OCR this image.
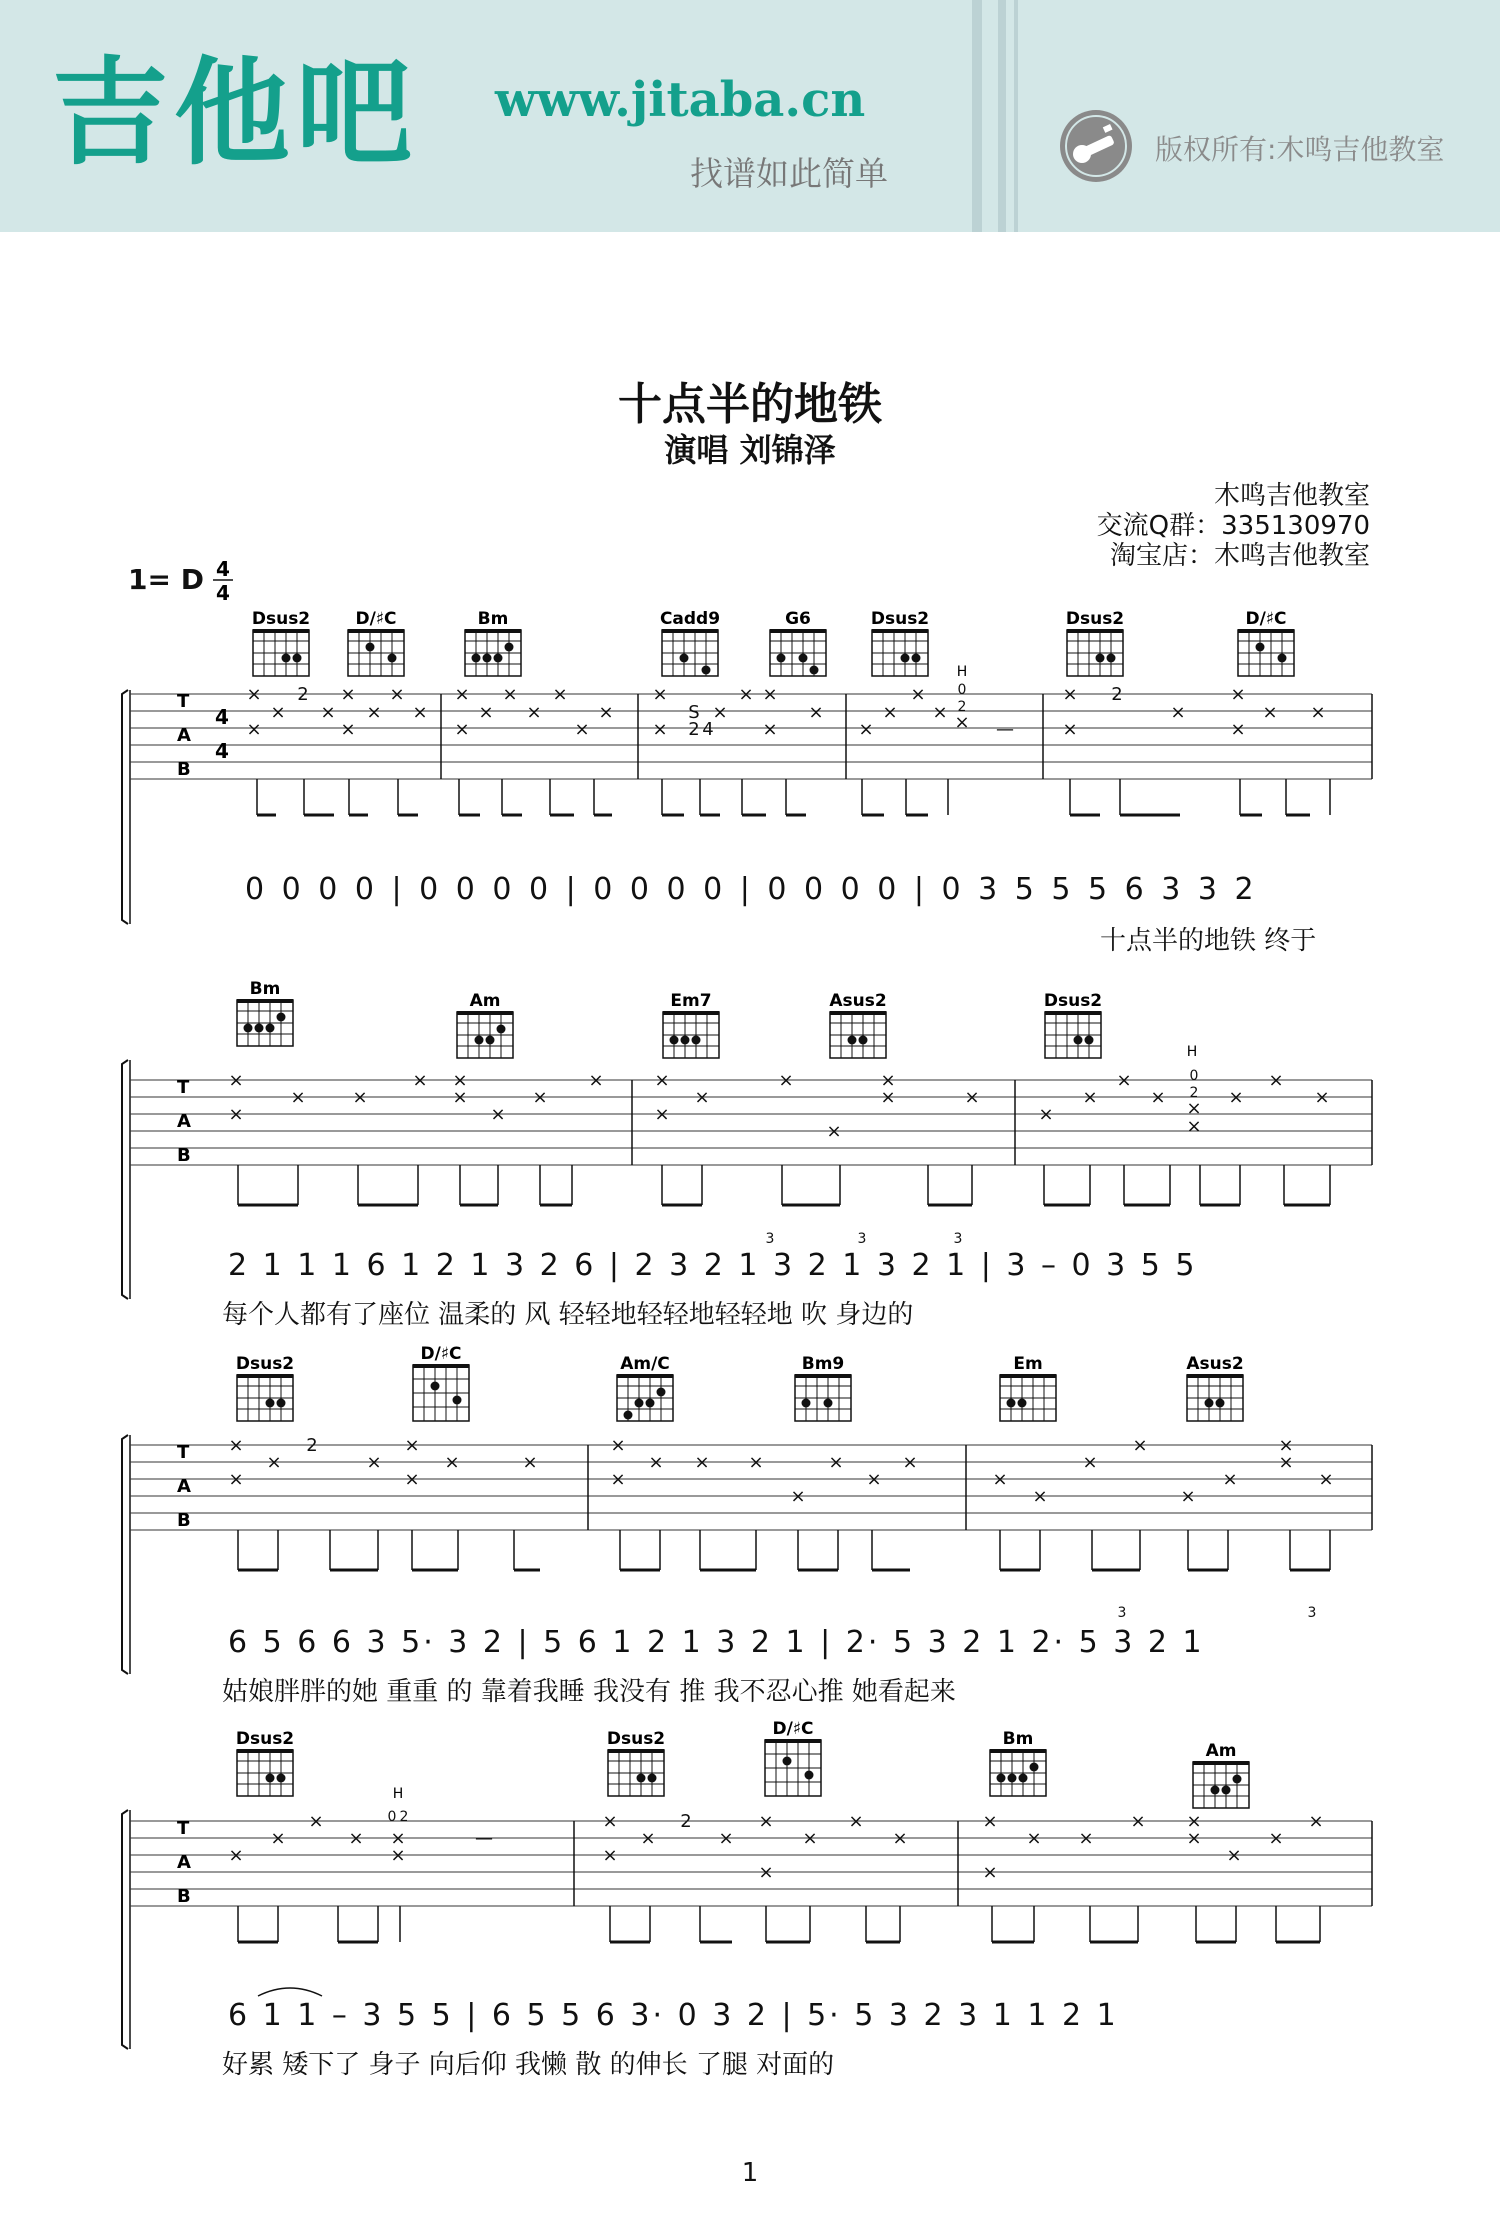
吉他吧 www.jitaba.cn
找谱如此简单
版权所有:木鸣吉他教室
十点半的地铁
演唱 刘锦泽
木鸣吉他教室
交流Q群：335130970
淘宝店：木鸣吉他教室
1= D 4
4
Dsus2	D/♯C	Bm	Cadd9	G6	Dsus2	Dsus2	D/♯C
T
A
B
4
4
×
×
×
2
×
×
×
×
×
×
×
×
×
×
×
×
×
×
×
×
S
2 4
×
× ×
×
×
×
×
×
×
0
2
× —
×
×
2
×
×
×
× ×
H
0 0 0 0 | 0 0 0 0 | 0 0 0 0 | 0 0 0 0 | 0 3 5 5 5 6 3 3 2
十点半的地铁 终于
Bm
Am	Em7	Asus2	Dsus2
T
A
B
×
×
×	×
× ×
×
×
×
×	×
×
×
×
×
×
×	×
×
×
×
×
0
2
×
×
×
×
×
H
3	3	3
2 1 1 1 6 1 2 1 3 2 6 | 2 3 2 1 3 2 1 3 2 1 | 3 – 0 3 5 5
每个人都有了座位 温柔的 风 轻轻地轻轻地轻轻地 吹 身边的
Dsus2	D/♯C	Am/C	Bm9	Em	Asus2
T
A
B
×
×
×
2
×
×
×
×	×
×
×
× × ×
×
×
×
×
×
×
×
×
×
×
×
×
×
3	3
6 5 6 6 3 5· 3 2 | 5 6 1 2 1 3 2 1 | 2· 5 3 2 1 2· 5 3 2 1
姑娘胖胖的她 重重 的 靠着我睡 我没有 推 我不忍心推 她看起来
Dsus2	Dsus2	D/♯C	Bm
Am
T
A
B
×
×
×
×
0 2
×
×
—
×
×
×
2
×
×
×
×
×
×
×
×
× ×
× ×
×
×
×
×
H
6 1 1 – 3 5 5 | 6 5 5 6 3· 0 3 2 | 5· 5 3 2 3 1 1 2 1
好累 矮下了 身子 向后仰 我懒 散 的伸长 了腿 对面的
1
